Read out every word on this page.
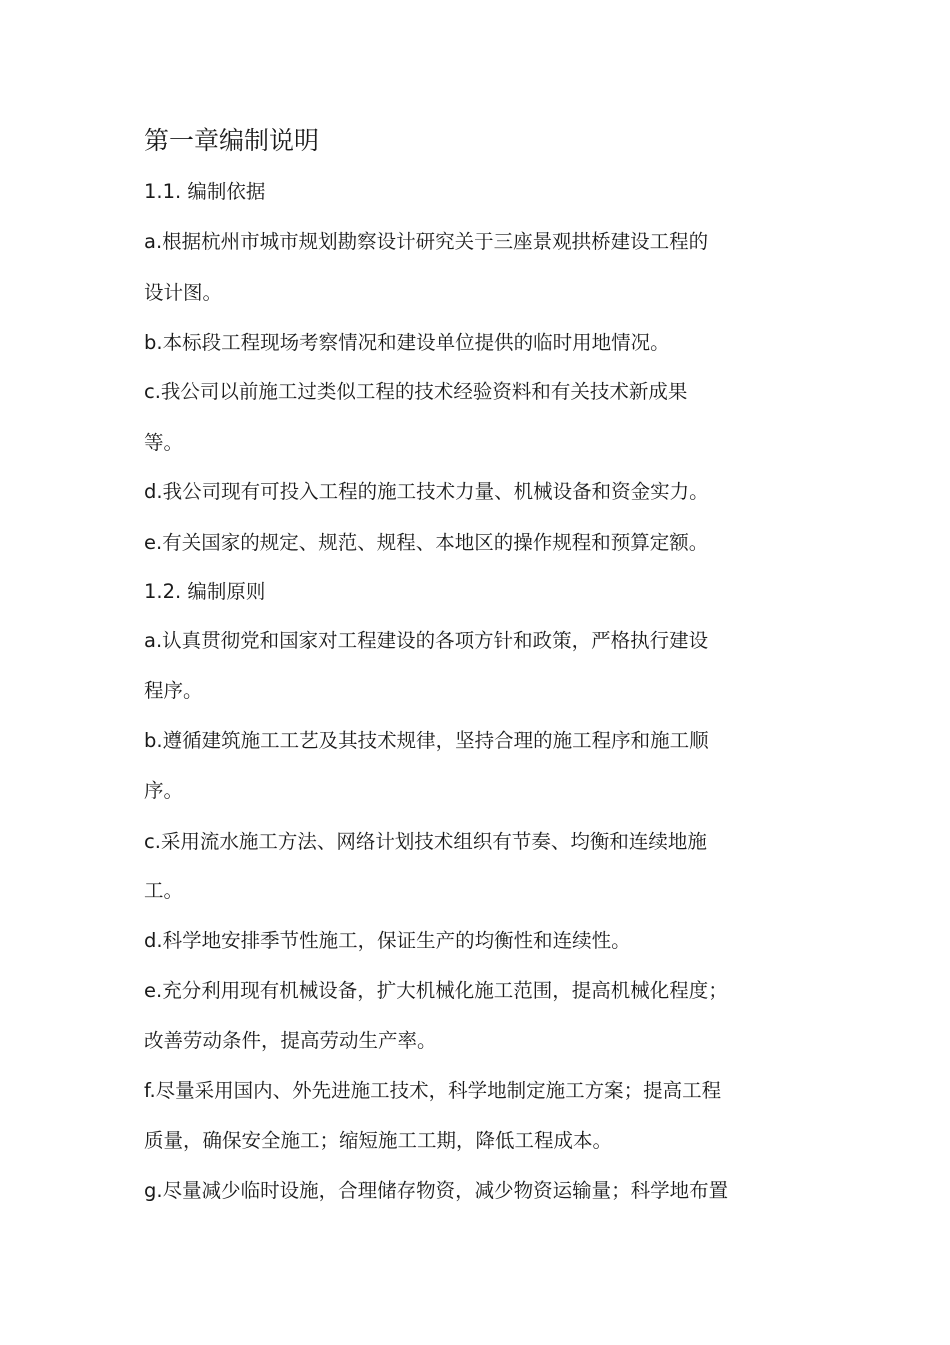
第一章编制说明
1.1. 编制依据
a.根据杭州市城市规划勘察设计研究关于三座景观拱桥建设工程的
设计图。
b.本标段工程现场考察情况和建设单位提供的临时用地情况。
c.我公司以前施工过类似工程的技术经验资料和有关技术新成果
等。
d.我公司现有可投入工程的施工技术力量、机械设备和资金实力。
e.有关国家的规定、规范、规程、本地区的操作规程和预算定额。
1.2. 编制原则
a.认真贯彻党和国家对工程建设的各项方针和政策，严格执行建设
程序。
b.遵循建筑施工工艺及其技术规律，坚持合理的施工程序和施工顺
序。
c.采用流水施工方法、网络计划技术组织有节奏、均衡和连续地施
工。
d.科学地安排季节性施工，保证生产的均衡性和连续性。
e.充分利用现有机械设备，扩大机械化施工范围，提高机械化程度；
改善劳动条件，提高劳动生产率。
f.尽量采用国内、外先进施工技术，科学地制定施工方案；提高工程
质量，确保安全施工；缩短施工工期，降低工程成本。
g.尽量减少临时设施，合理储存物资，减少物资运输量；科学地布置
